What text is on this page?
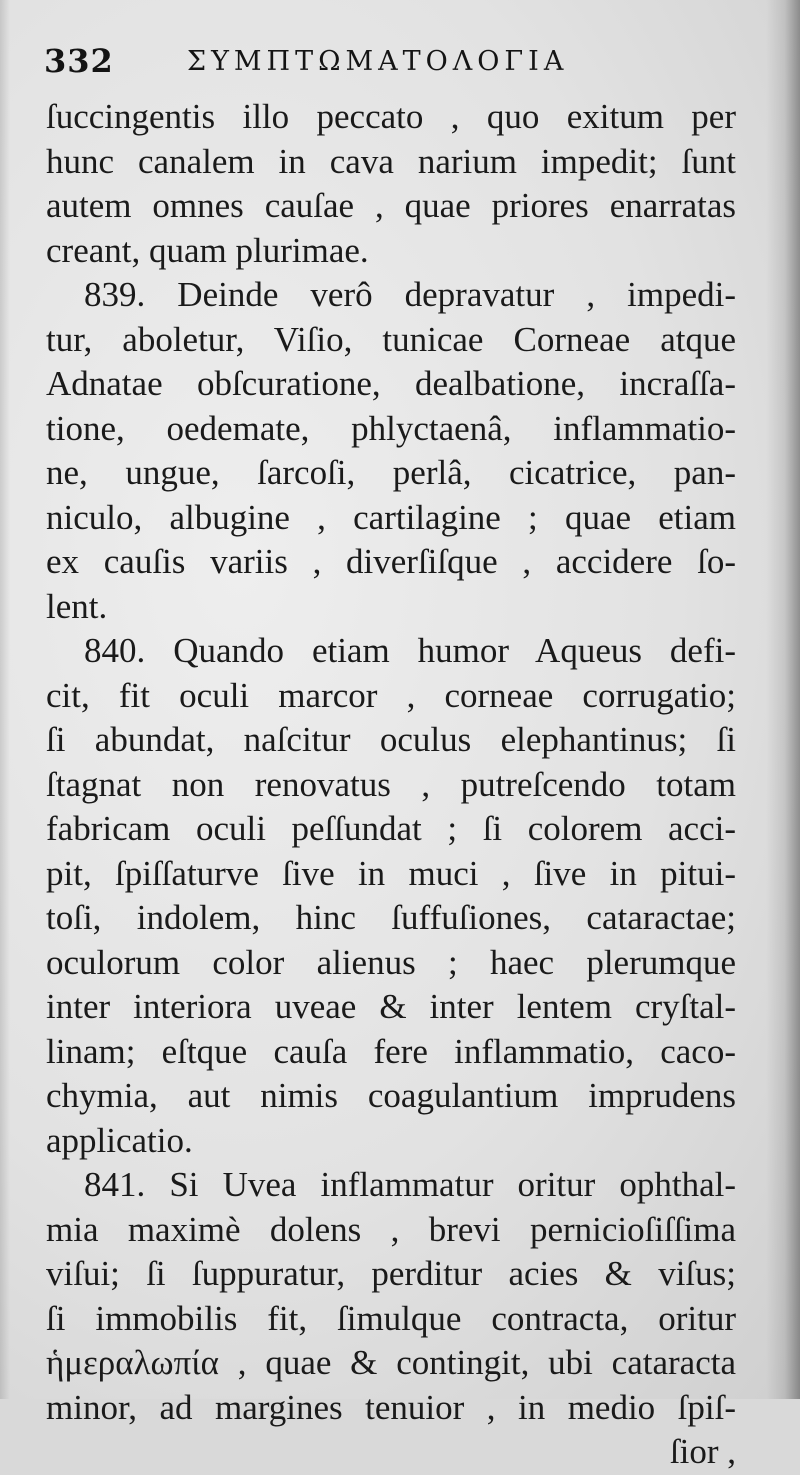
332	ΣΥΜΠΤΩΜΑΤΟΛΟΓΙΑ
ſuccingentis illo peccato , quo exitum per
hunc canalem in cava narium impedit; ſunt
autem omnes cauſae , quae priores enarratas
creant, quam plurimae.
839. Deinde verô depravatur , impedi-
tur, aboletur, Viſio, tunicae Corneae atque
Adnatae obſcuratione, dealbatione, incraſſa-
tione, oedemate, phlyctaenâ, inflammatio-
ne, ungue, ſarcoſi, perlâ, cicatrice, pan-
niculo, albugine , cartilagine ; quae etiam
ex cauſis variis , diverſiſque , accidere ſo-
lent.
840. Quando etiam humor Aqueus defi-
cit, fit oculi marcor , corneae corrugatio;
ſi abundat, naſcitur oculus elephantinus; ſi
ſtagnat non renovatus , putreſcendo totam
fabricam oculi peſſundat ; ſi colorem acci-
pit, ſpiſſaturve ſive in muci , ſive in pitui-
toſi, indolem, hinc ſuffuſiones, cataractae;
oculorum color alienus ; haec plerumque
inter interiora uveae & inter lentem cryſtal-
linam; eſtque cauſa fere inflammatio, caco-
chymia, aut nimis coagulantium imprudens
applicatio.
841. Si Uvea inflammatur oritur ophthal-
mia maximè dolens , brevi pernicioſiſſima
viſui; ſi ſuppuratur, perditur acies & viſus;
ſi immobilis fit, ſimulque contracta, oritur
ἡμεραλωπία , quae & contingit, ubi cataracta
minor, ad margines tenuior , in medio ſpiſ-
ſior ,
